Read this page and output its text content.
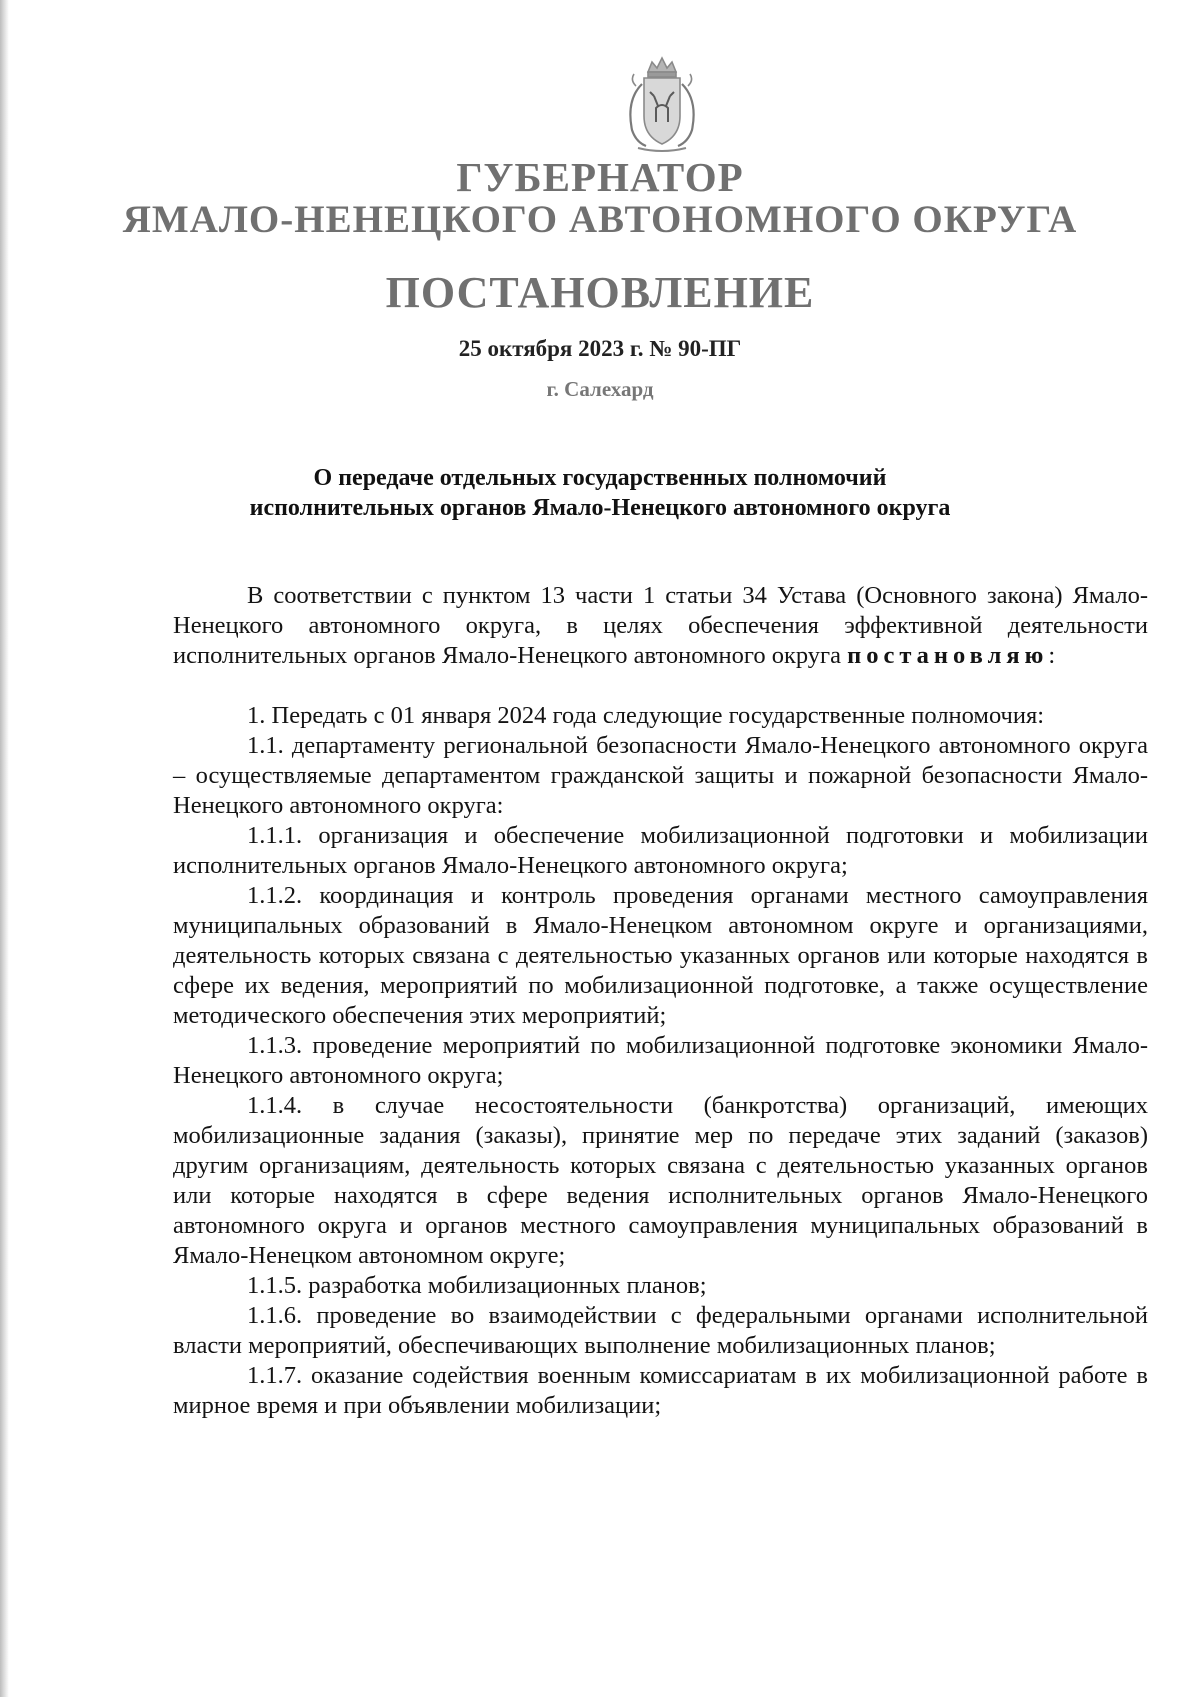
ГУБЕРНАТОР
ЯМАЛО-НЕНЕЦКОГО АВТОНОМНОГО ОКРУГА
ПОСТАНОВЛЕНИЕ
25 октября 2023 г. № 90-ПГ
г. Салехард
О передаче отдельных государственных полномочий
исполнительных органов Ямало-Ненецкого автономного округа

В соответствии с пунктом 13 части 1 статьи 34 Устава (Основного закона) Ямало-Ненецкого автономного округа, в целях обеспечения эффективной деятельности исполнительных органов Ямало-Ненецкого автономного округа постановляю:

1. Передать с 01 января 2024 года следующие государственные полномочия:

1.1. департаменту региональной безопасности Ямало-Ненецкого автономного округа – осуществляемые департаментом гражданской защиты и пожарной безопасности Ямало-Ненецкого автономного округа:

1.1.1. организация и обеспечение мобилизационной подготовки и мобилизации исполнительных органов Ямало-Ненецкого автономного округа;

1.1.2. координация и контроль проведения органами местного самоуправления муниципальных образований в Ямало-Ненецком автономном округе и организациями, деятельность которых связана с деятельностью указанных органов или которые находятся в сфере их ведения, мероприятий по мобилизационной подготовке, а также осуществление методического обеспечения этих мероприятий;

1.1.3. проведение мероприятий по мобилизационной подготовке экономики Ямало-Ненецкого автономного округа;

1.1.4. в случае несостоятельности (банкротства) организаций, имеющих мобилизационные задания (заказы), принятие мер по передаче этих заданий (заказов) другим организациям, деятельность которых связана с деятельностью указанных органов или которые находятся в сфере ведения исполнительных органов Ямало-Ненецкого автономного округа и органов местного самоуправления муниципальных образований в Ямало-Ненецком автономном округе;

1.1.5. разработка мобилизационных планов;

1.1.6. проведение во взаимодействии с федеральными органами исполнительной власти мероприятий, обеспечивающих выполнение мобилизационных планов;

1.1.7. оказание содействия военным комиссариатам в их мобилизационной работе в мирное время и при объявлении мобилизации;
